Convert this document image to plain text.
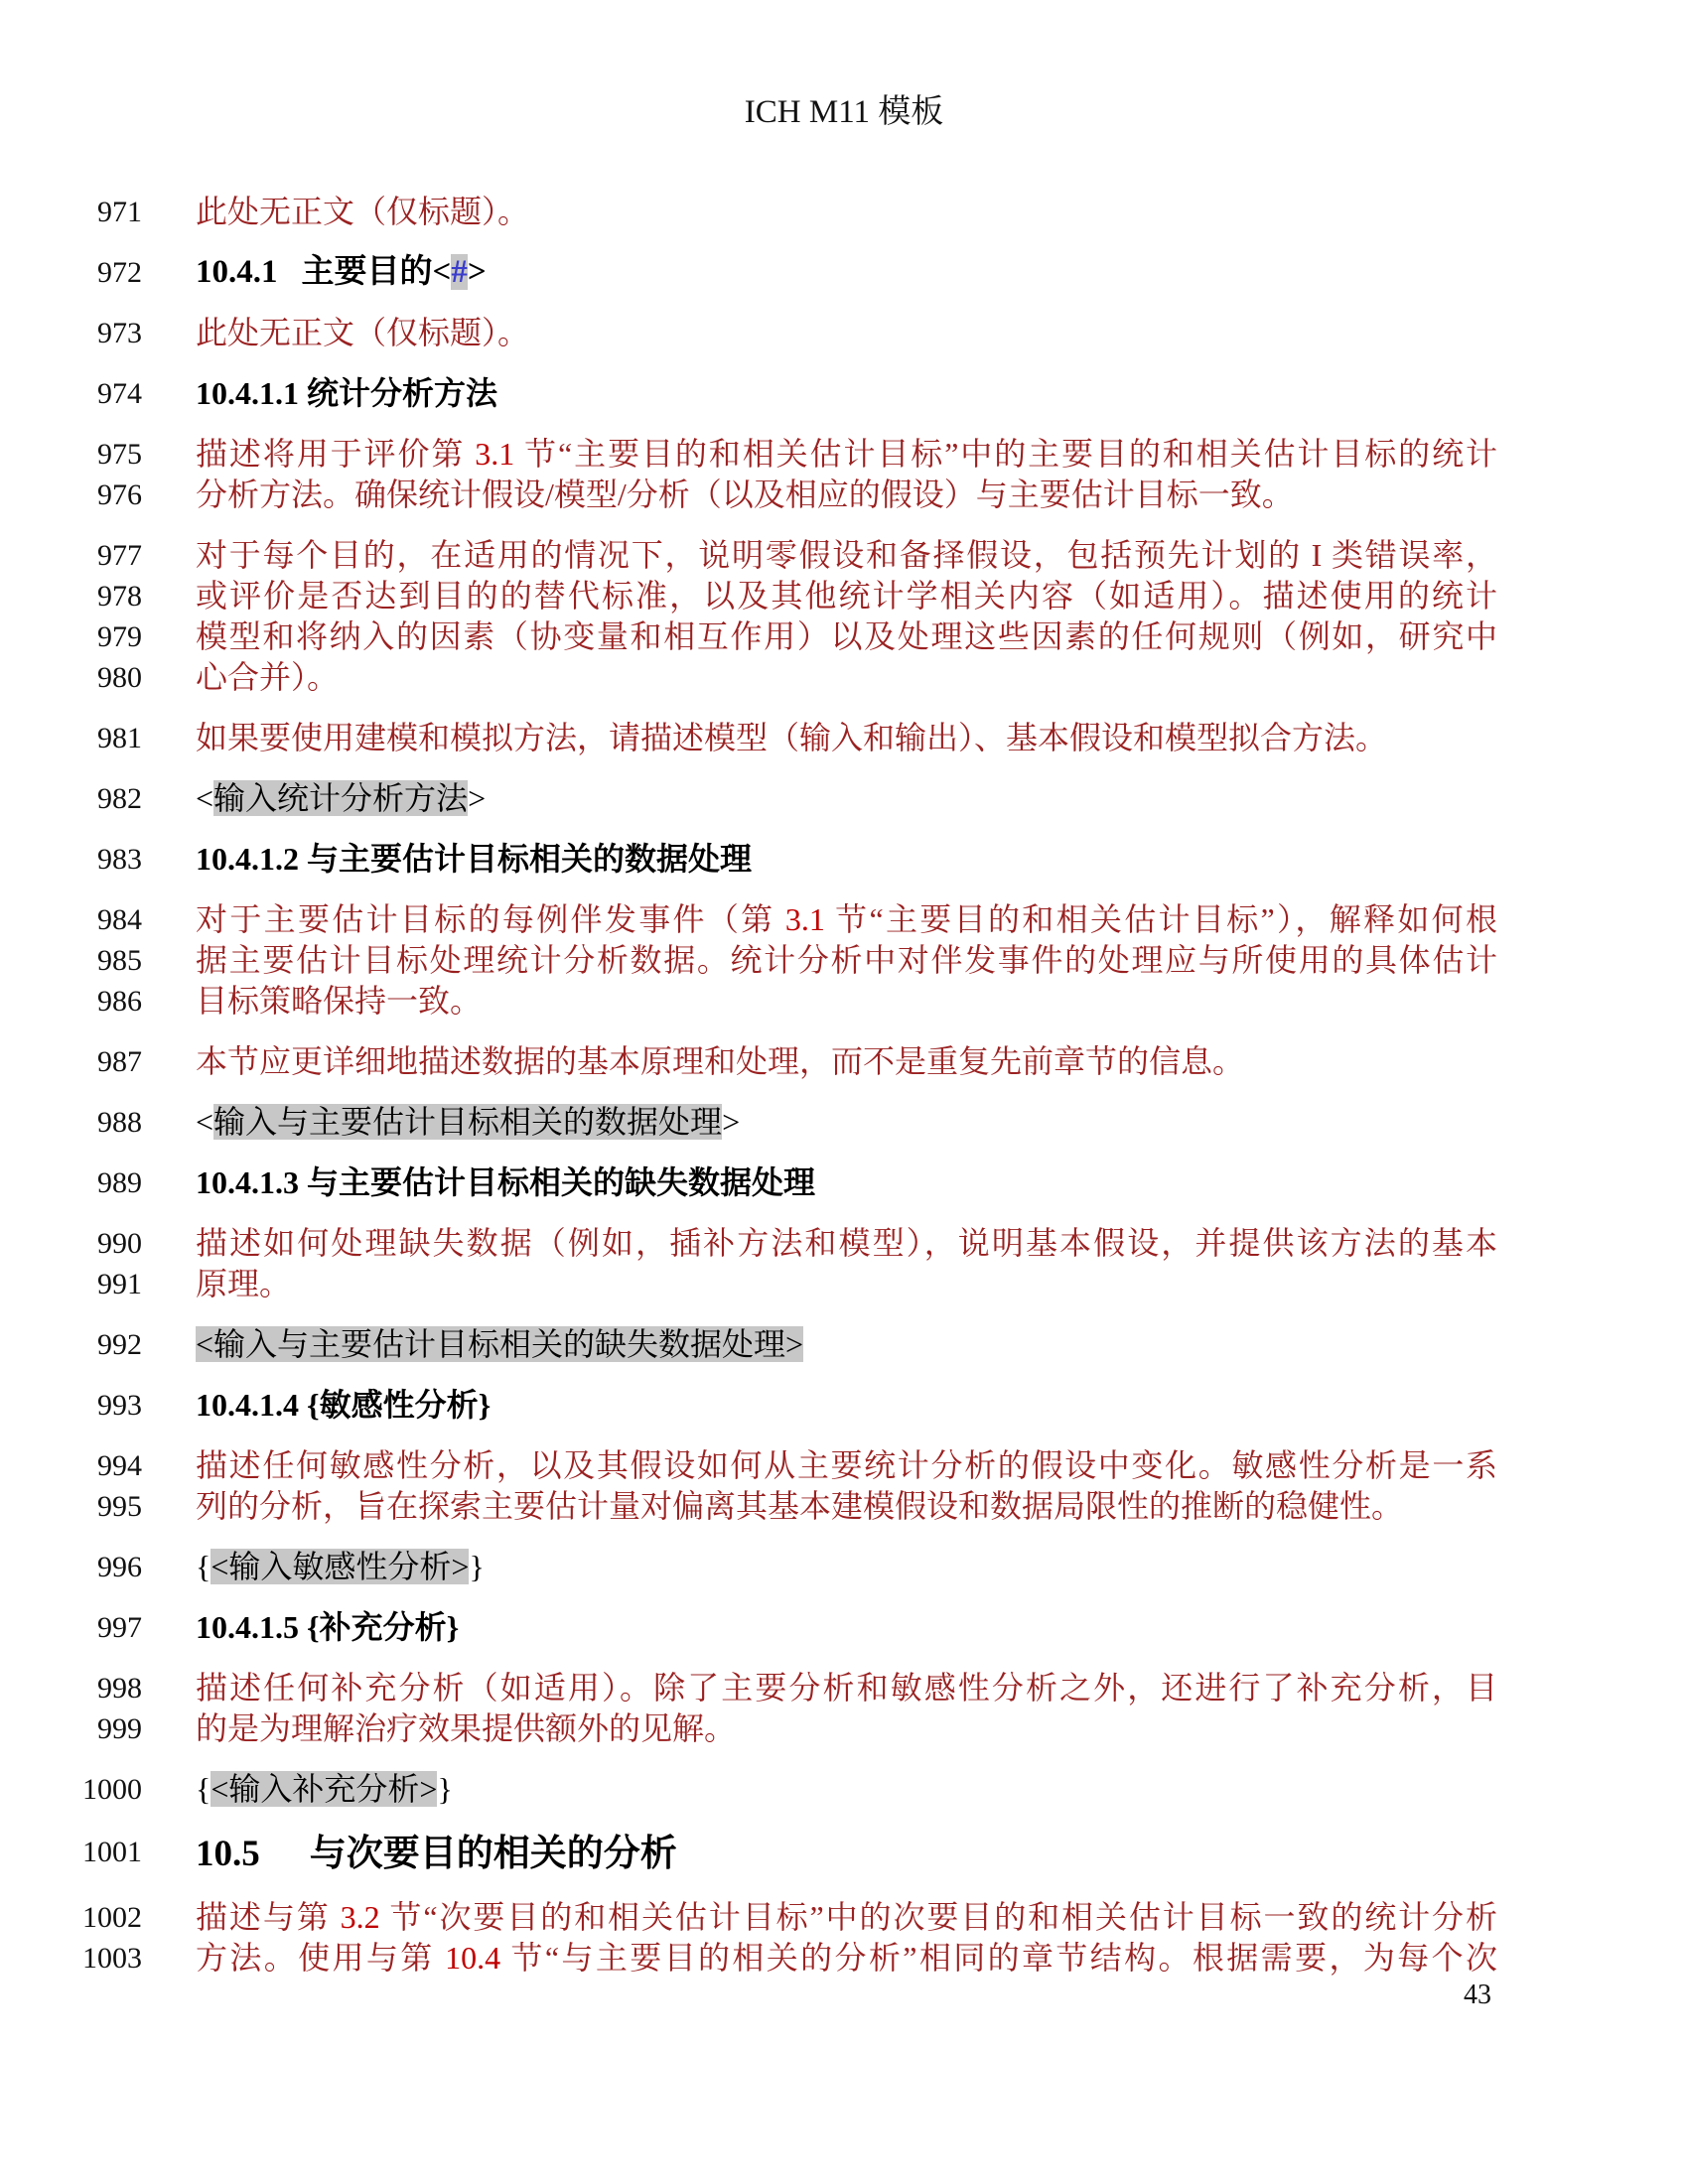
ICH M11 模板
971 此处无正文（仅标题）。
972 10.4.1 主要目的<#>
973 此处无正文（仅标题）。
974 10.4.1.1 统计分析方法
975 描述将用于评价第 3.1 节“主要目的和相关估计目标”中的主要目的和相关估计目标的统计
976 分析方法。确保统计假设/模型/分析（以及相应的假设）与主要估计目标一致。
977 对于每个目的，在适用的情况下，说明零假设和备择假设，包括预先计划的 I 类错误率，
978 或评价是否达到目的的替代标准，以及其他统计学相关内容（如适用）。描述使用的统计
979 模型和将纳入的因素（协变量和相互作用）以及处理这些因素的任何规则（例如，研究中
980 心合并）。
981 如果要使用建模和模拟方法，请描述模型（输入和输出）、基本假设和模型拟合方法。
982 <输入统计分析方法>
983 10.4.1.2 与主要估计目标相关的数据处理
984 对于主要估计目标的每例伴发事件（第 3.1 节“主要目的和相关估计目标”），解释如何根
985 据主要估计目标处理统计分析数据。统计分析中对伴发事件的处理应与所使用的具体估计
986 目标策略保持一致。
987 本节应更详细地描述数据的基本原理和处理，而不是重复先前章节的信息。
988 <输入与主要估计目标相关的数据处理>
989 10.4.1.3 与主要估计目标相关的缺失数据处理
990 描述如何处理缺失数据（例如，插补方法和模型），说明基本假设，并提供该方法的基本
991 原理。
992 <输入与主要估计目标相关的缺失数据处理>
993 10.4.1.4 {敏感性分析}
994 描述任何敏感性分析，以及其假设如何从主要统计分析的假设中变化。敏感性分析是一系
995 列的分析，旨在探索主要估计量对偏离其基本建模假设和数据局限性的推断的稳健性。
996 {<输入敏感性分析>}
997 10.4.1.5 {补充分析}
998 描述任何补充分析（如适用）。除了主要分析和敏感性分析之外，还进行了补充分析，目
999 的是为理解治疗效果提供额外的见解。
1000 {<输入补充分析>}
1001 10.5 与次要目的相关的分析
1002 描述与第 3.2 节“次要目的和相关估计目标”中的次要目的和相关估计目标一致的统计分析
1003 方法。使用与第 10.4 节“与主要目的相关的分析”相同的章节结构。根据需要，为每个次
43
